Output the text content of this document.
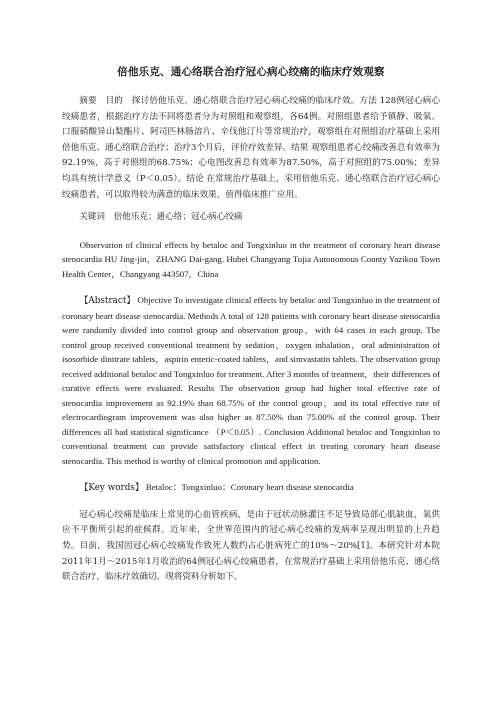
倍他乐克、通心络联合治疗冠心病心绞痛的临床疗效观察

摘要　目的　探讨倍他乐克、通心络联合治疗冠心病心绞痛的临床疗效。方法 128例冠心病心绞痛患者，根据治疗方法不同将患者分为对照组和观察组，各64例。对照组患者给予镇静、吸氧、口服硝酸异山梨酯片、阿司匹林肠溶片、辛伐他汀片等常规治疗，观察组在对照组治疗基础上采用倍他乐克、通心络联合治疗；治疗3个月后，评价疗效差异。结果 观察组患者心绞痛改善总有效率为92.19%，高于对照组的68.75%；心电图改善总有效率为87.50%，高于对照组的75.00%；差异均具有统计学意义（P＜0.05）。结论 在常规治疗基础上，采用倍他乐克、通心络联合治疗冠心病心绞痛患者，可以取得较为满意的临床效果，值得临床推广应用。

关键词　倍他乐克；通心络；冠心病心绞痛

Observation of clinical effects by betaloc and Tongxinluo in the treatment of coronary heart disease stenocardia HU Jing-jin，ZHANG Dai-gang. Hubei Changyang Tujia Autonomous County Yazikou Town Health Center，Changyang 443507，China

【Abstract】 Objective To investigate clinical effects by betaloc and Tongxinluo in the treatment of coronary heart disease stenocardia. Methods A total of 128 patients with coronary heart disease stenocardia were randomly divided into control group and observation group，with 64 cases in each group. The control group received conventional treatment by sedation，oxygen inhalation，oral administration of isosorbide dinitrate tablets，aspirin enteric-coated tablets，and simvastatin tablets. The observation group received additional betaloc and Tongxinluo for treatment. After 3 months of treatment，their differences of curative effects were evaluated. Results The observation group had higher total effective rate of stenocardia improvement as 92.19% than 68.75% of the control group，and its total effective rate of electrocardiogram improvement was also higher as 87.50% than 75.00% of the control group. Their differences all had statistical significance （P＜0.05）. Conclusion Additional betaloc and Tongxinluo to conventional treatment can provide satisfactory clinical effect in treating coronary heart disease stenocardia. This method is worthy of clinical promotion and application.

【Key words】 Betaloc；Tongxinluo；Coronary heart disease stenocardia

冠心病心绞痛是临床上常见的心血管疾病，是由于冠状动脉灌注不足导致局部心肌缺血，氧供应不平衡所引起的症候群。近年来，全世界范围内的冠心病心绞痛的发病率呈现出明显的上升趋势。目前，我国因冠心病心绞痛发作致死人数约占心脏病死亡的10%～20%[1]。本研究针对本院2011年1月～2015年1月收治的64例冠心病心绞痛患者，在常规治疗基础上采用倍他乐克、通心络联合治疗，临床疗效确切。现将资料分析如下。
